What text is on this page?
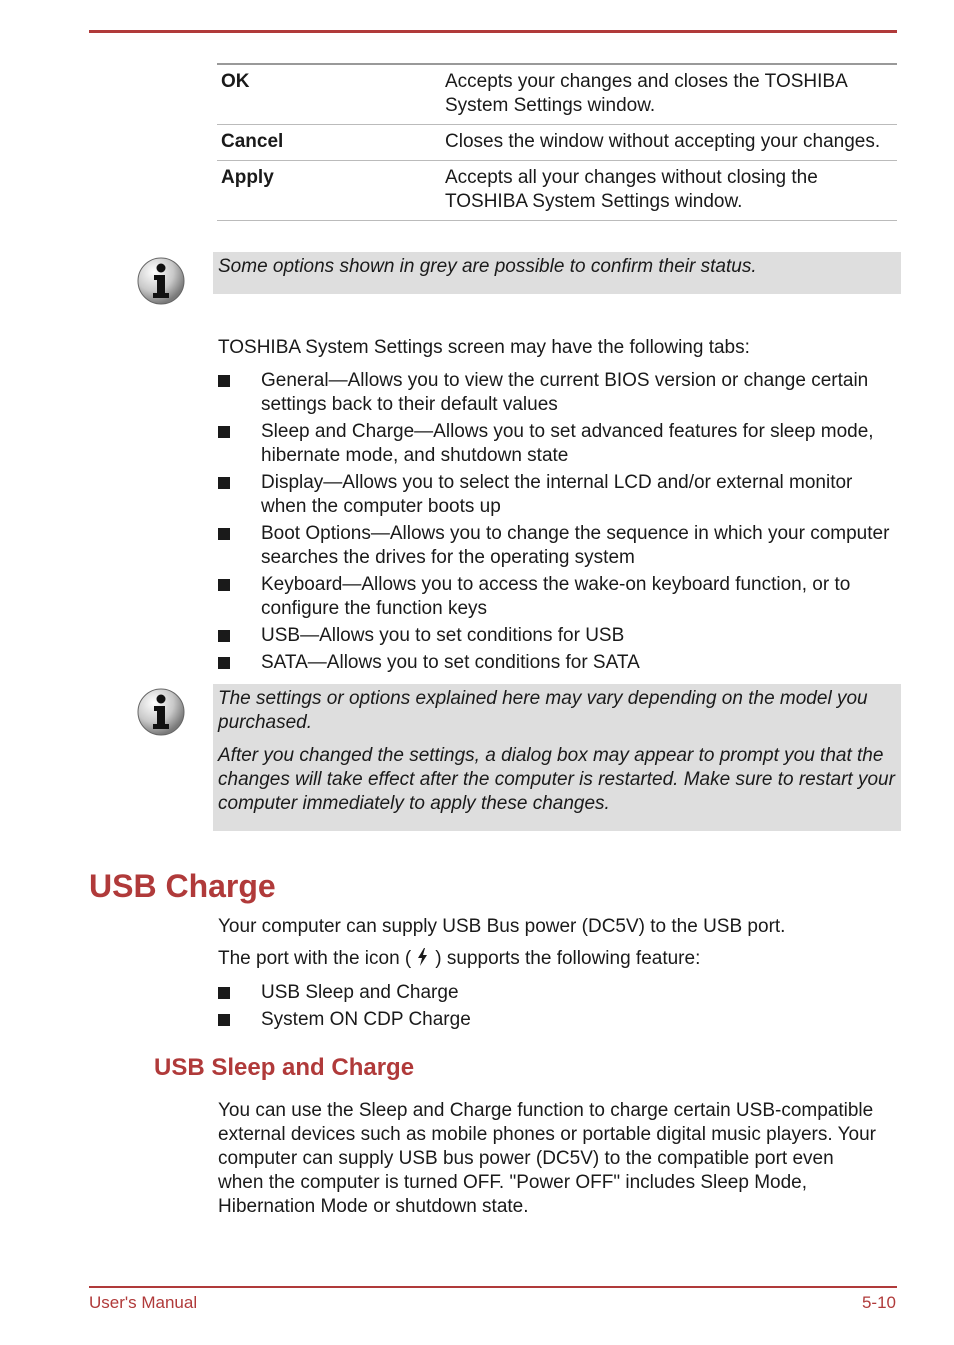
OK	Accepts your changes and closes the TOSHIBA System Settings window.
Cancel	Closes the window without accepting your changes.
Apply	Accepts all your changes without closing the TOSHIBA System Settings window.

Some options shown in grey are possible to confirm their status.

TOSHIBA System Settings screen may have the following tabs:

General—Allows you to view the current BIOS version or change certain settings back to their default values
Sleep and Charge—Allows you to set advanced features for sleep mode, hibernate mode, and shutdown state
Display—Allows you to select the internal LCD and/or external monitor when the computer boots up
Boot Options—Allows you to change the sequence in which your computer searches the drives for the operating system
Keyboard—Allows you to access the wake-on keyboard function, or to configure the function keys
USB—Allows you to set conditions for USB
SATA—Allows you to set conditions for SATA

The settings or options explained here may vary depending on the model you purchased.

After you changed the settings, a dialog box may appear to prompt you that the changes will take effect after the computer is restarted. Make sure to restart your computer immediately to apply these changes.

USB Charge

Your computer can supply USB Bus power (DC5V) to the USB port.

The port with the icon ( ) supports the following feature:

USB Sleep and Charge
System ON CDP Charge
USB Sleep and Charge

You can use the Sleep and Charge function to charge certain USB-compatible external devices such as mobile phones or portable digital music players. Your computer can supply USB bus power (DC5V) to the compatible port even when the computer is turned OFF. "Power OFF" includes Sleep Mode, Hibernation Mode or shutdown state.

User's Manual	5-10
